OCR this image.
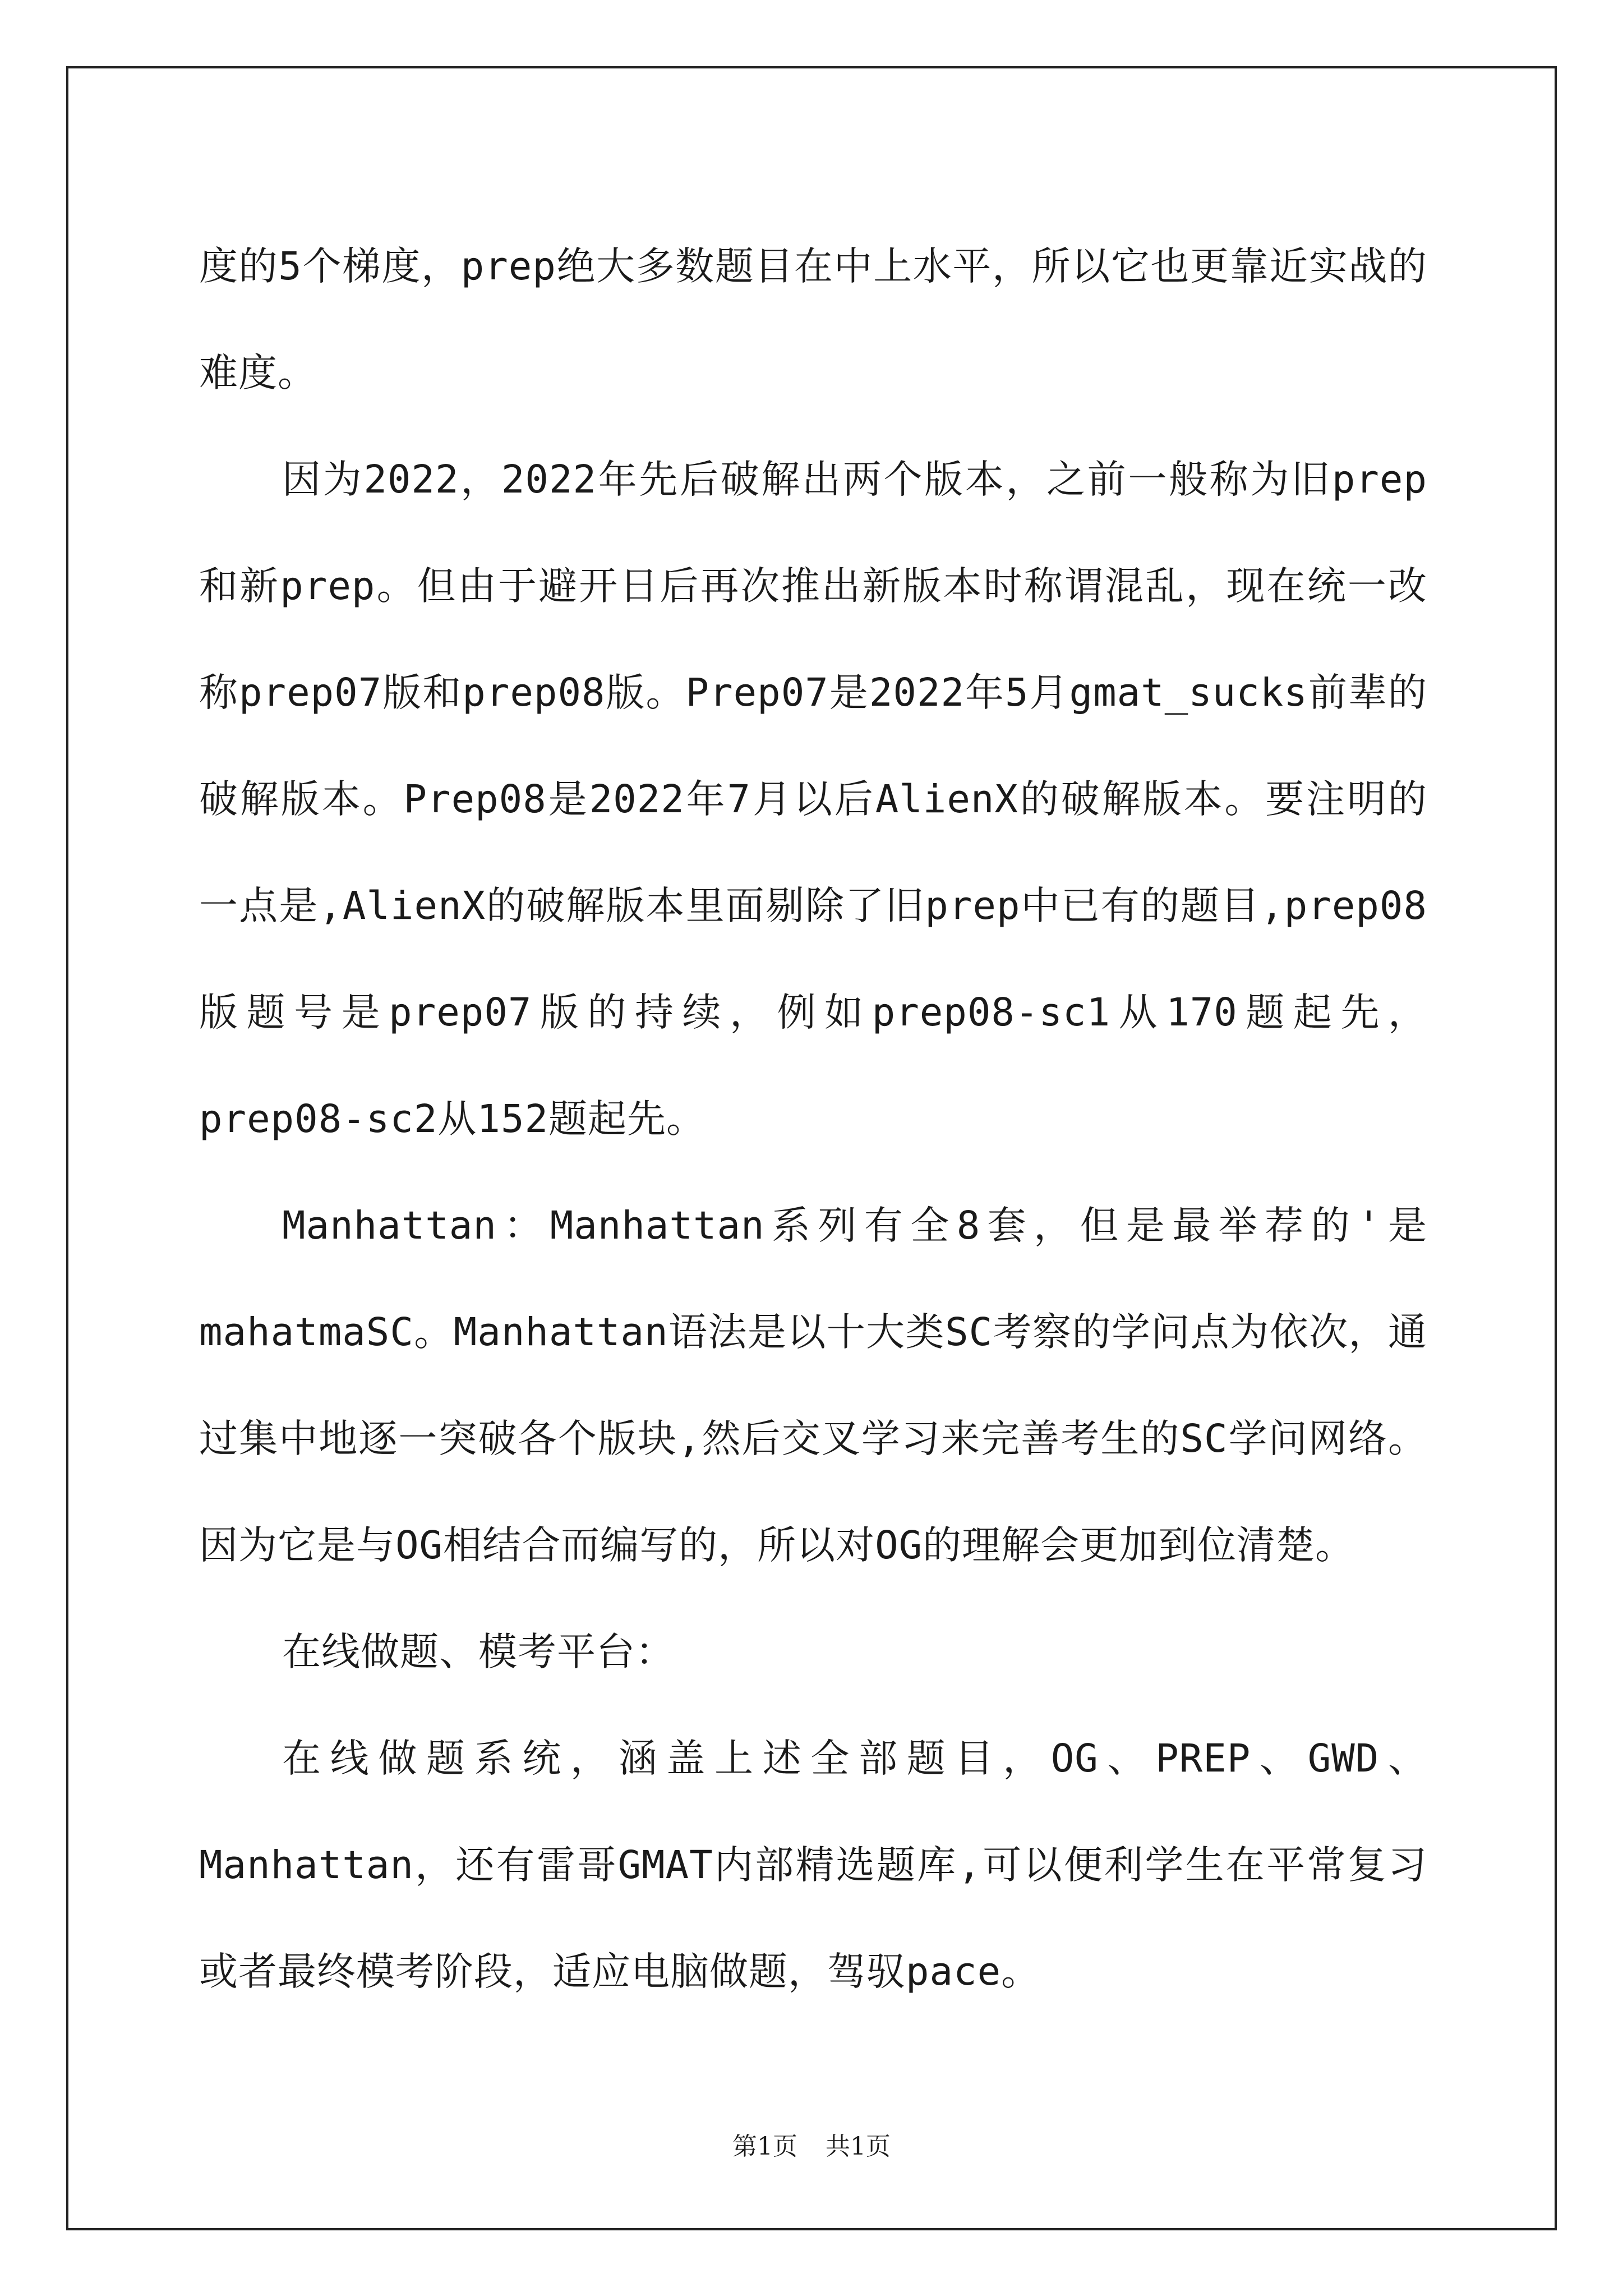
度的5个梯度，prep绝大多数题目在中上水平，所以它也更靠近实战的难度。

因为2022，2022年先后破解出两个版本，之前一般称为旧prep和新prep。但由于避开日后再次推出新版本时称谓混乱，现在统一改称prep07版和prep08版。Prep07是2022年5月gmat_sucks前辈的破解版本。Prep08是2022年7月以后AlienX的破解版本。要注明的一点是,AlienX的破解版本里面剔除了旧prep中已有的题目,prep08版题号是prep07版的持续，例如prep08-sc1从170题起先，prep08-sc2从152题起先。

Manhattan：Manhattan系列有全8套，但是最举荐的'是mahatmaSC。Manhattan语法是以十大类SC考察的学问点为依次，通过集中地逐一突破各个版块,然后交叉学习来完善考生的SC学问网络。因为它是与OG相结合而编写的，所以对OG的理解会更加到位清楚。

在线做题、模考平台：

在线做题系统，涵盖上述全部题目，OG、PREP、GWD、Manhattan，还有雷哥GMAT内部精选题库,可以便利学生在平常复习或者最终模考阶段，适应电脑做题，驾驭pace。

第1页 共1页
